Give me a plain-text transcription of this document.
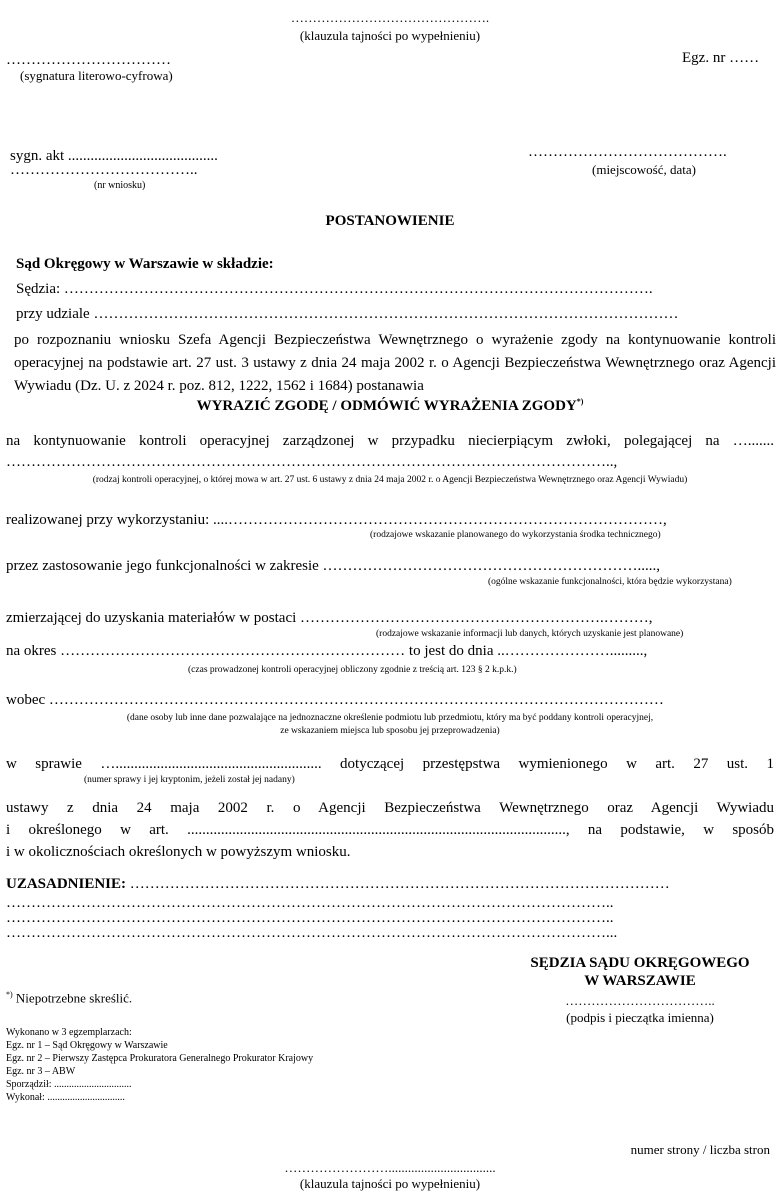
……………………………………….
(klauzula tajności po wypełnieniu)
……………………………
(sygnatura literowo-cyfrowa)
Egz. nr ……
sygn. akt ........................................
………………………………..
(nr wniosku)
………………………………….
(miejscowość, data)
POSTANOWIENIE
Sąd Okręgowy w Warszawie w składzie:
Sędzia: ……………………………………………………………………………………………………….
przy udziale ………………………………………………………………………………………………………
po rozpoznaniu wniosku Szefa Agencji Bezpieczeństwa Wewnętrznego o wyrażenie zgody na kontynuowanie kontroli operacyjnej na podstawie art. 27 ust. 3 ustawy z dnia 24 maja 2002 r. o Agencji Bezpieczeństwa Wewnętrznego oraz Agencji Wywiadu (Dz. U. z 2024 r. poz. 812, 1222, 1562 i 1684) postanawia
WYRAZIĆ ZGODĘ / ODMÓWIĆ WYRAŻENIA ZGODY*)
na kontynuowanie kontroli operacyjnej zarządzonej w przypadku niecierpiącym zwłoki, polegającej na ….......
…………………………………………………………………………………………………………..,
(rodzaj kontroli operacyjnej, o której mowa w art. 27 ust. 6 ustawy z dnia 24 maja 2002 r. o Agencji Bezpieczeństwa Wewnętrznego oraz Agencji Wywiadu)
realizowanej przy wykorzystaniu: ....……………………………………………………………………………,
(rodzajowe wskazanie planowanego do wykorzystania środka technicznego)
przez zastosowanie jego funkcjonalności w zakresie ……………………………………………………….....,
(ogólne wskazanie funkcjonalności, która będzie wykorzystana)
zmierzającej do uzyskania materiałów w postaci …………………………………………………….………,
(rodzajowe wskazanie informacji lub danych, których uzyskanie jest planowane)
na okres …………………………………………………………… to jest do dnia ..………………….........,
(czas prowadzonej kontroli operacyjnej obliczony zgodnie z treścią art. 123 § 2 k.p.k.)
wobec ……………………………………………………………………………………………………………
(dane osoby lub inne dane pozwalające na jednoznaczne określenie podmiotu lub przedmiotu, który ma być poddany kontroli operacyjnej,
ze wskazaniem miejsca lub sposobu jej przeprowadzenia)
w sprawie …....................................................... dotyczącej przestępstwa wymienionego w art. 27 ust. 1
(numer sprawy i jej kryptonim, jeżeli został jej nadany)
ustawy z dnia 24 maja 2002 r. o Agencji Bezpieczeństwa Wewnętrznego oraz Agencji Wywiadu
i określonego w art. ....................................................................................................., na podstawie, w sposób
i w okolicznościach określonych w powyższym wniosku.
UZASADNIENIE: ………………………………………………………………………………………………
…………………………………………………………………………………………………………..
…………………………………………………………………………………………………………..
…………………………………………………………………………………………………………...
SĘDZIA SĄDU OKRĘGOWEGO
W WARSZAWIE
……………………………..
(podpis i pieczątka imienna)
*) Niepotrzebne skreślić.
Wykonano w 3 egzemplarzach:
Egz. nr 1 – Sąd Okręgowy w Warszawie
Egz. nr 2 – Pierwszy Zastępca Prokuratora Generalnego Prokurator Krajowy
Egz. nr 3 – ABW
Sporządził: ...............................
Wykonał: ...............................
numer strony / liczba stron
…………………….................................
(klauzula tajności po wypełnieniu)
